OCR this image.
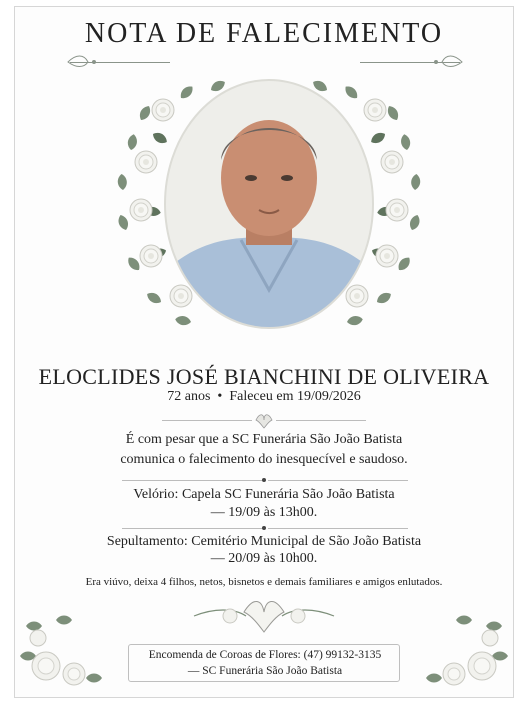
NOTA DE FALECIMENTO
ELOCLIDES JOSÉ BIANCHINI DE OLIVEIRA
72 anos • Faleceu em 19/09/2026
É com pesar que a SC Funerária São João Batista
comunica o falecimento do inesquecível e saudoso.
Velório: Capela SC Funerária São João Batista
— 19/09 às 13h00.
Sepultamento: Cemitério Municipal de São João Batista
— 20/09 às 10h00.
Era viúvo, deixa 4 filhos, netos, bisnetos e demais familiares e amigos enlutados.
Encomenda de Coroas de Flores: (47) 99132-3135
— SC Funerária São João Batista
